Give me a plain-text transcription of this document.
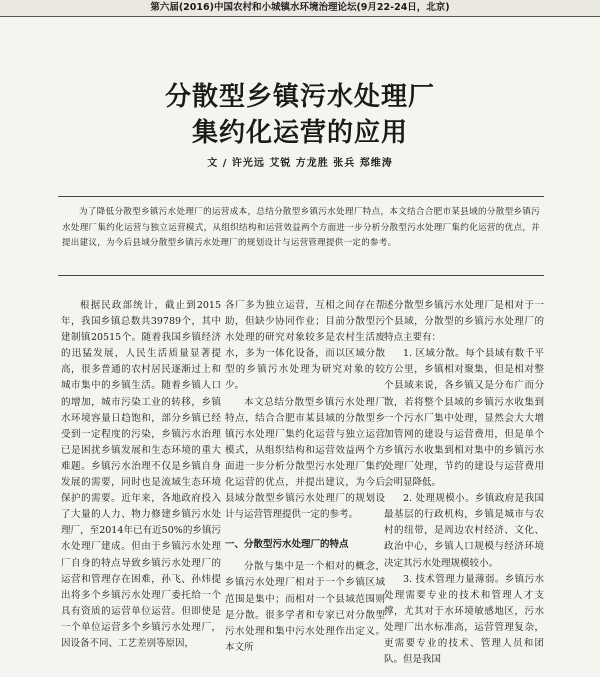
第六届(2016)中国农村和小城镇水环境治理论坛(9月22-24日，北京)
分散型乡镇污水处理厂
集约化运营的应用
文 / 许光远 艾锐 方龙胜 张兵 郑维涛

为了降低分散型乡镇污水处理厂的运营成本，总结分散型乡镇污水处理厂特点，本文结合合肥市某县域的分散型乡镇污水处理厂集约化运营与独立运营模式，从组织结构和运营效益两个方面进一步分析分散型污水处理厂集约化运营的优点，并提出建议，为今后县域分散型乡镇污水处理厂的规划设计与运营管理提供一定的参考。

根据民政部统计，截止到2015年，我国乡镇总数共39789个，其中建制镇20515个。随着我国乡镇经济的迅猛发展，人民生活质量显著提高，很多普通的农村居民逐渐过上和城市集中的乡镇生活。随着乡镇人口的增加，城市污染工业的转移，乡镇水环境容量日趋饱和，部分乡镇已经受到一定程度的污染，乡镇污水治理已是困扰乡镇发展和生态环境的重大难题。乡镇污水治理不仅是乡镇自身发展的需要，同时也是流域生态环境保护的需要。近年来，各地政府投入了大量的人力、物力修建乡镇污水处理厂，至2014年已有近50%的乡镇污水处理厂建成。但由于乡镇污水处理厂自身的特点导致乡镇污水处理厂的运营和管理存在困难，孙飞、孙炜提出将多个乡镇污水处理厂委托给一个具有资质的运营单位运营。但即使是一个单位运营多个乡镇污水处理厂，因设备不同、工艺差别等原因，

各厂多为独立运营，互相之间存在帮助，但缺少协同作业；目前分散型污水处理的研究对象较多是农村生活废水，多为一体化设备，而以区域分散型的乡镇污水处理为研究对象的较少。

本文总结分散型乡镇污水处理厂特点，结合合肥市某县域的分散型乡镇污水处理厂集约化运营与独立运营模式，从组织结构和运营效益两个方面进一步分析分散型污水处理厂集约化运营的优点，并提出建议，为今后县域分散型乡镇污水处理厂的规划设计与运营管理提供一定的参考。

一、分散型污水处理厂的特点

分散与集中是一个相对的概念，乡镇污水处理厂相对于一个乡镇区域范围是集中；而相对一个县域范围则是分散。很多学者和专家已对分散型污水处理和集中污水处理作出定义。本文所

述分散型乡镇污水处理厂是相对于一个县域，分散型的乡镇污水处理厂的特点主要有：

1. 区域分散。每个县域有数千平方公里，乡镇相对聚集，但是相对整个县域来说，各乡镇又是分布广而分散，若将整个县域的乡镇污水收集到一个污水厂集中处理，显然会大大增加管网的建设与运营费用，但是单个乡镇污水收集到相对集中的乡镇污水处理厂处理，节约的建设与运营费用会明显降低。

2. 处理规模小。乡镇政府是我国最基层的行政机构，乡镇是城市与农村的纽带，是周边农村经济、文化、政治中心，乡镇人口规模与经济环境决定其污水处理规模较小。

3. 技术管理力量薄弱。乡镇污水处理需要专业的技术和管理人才支撑，尤其对于水环境敏感地区，污水处理厂出水标准高，运营管理复杂，更需要专业的技术、管理人员和团队。但是我国
